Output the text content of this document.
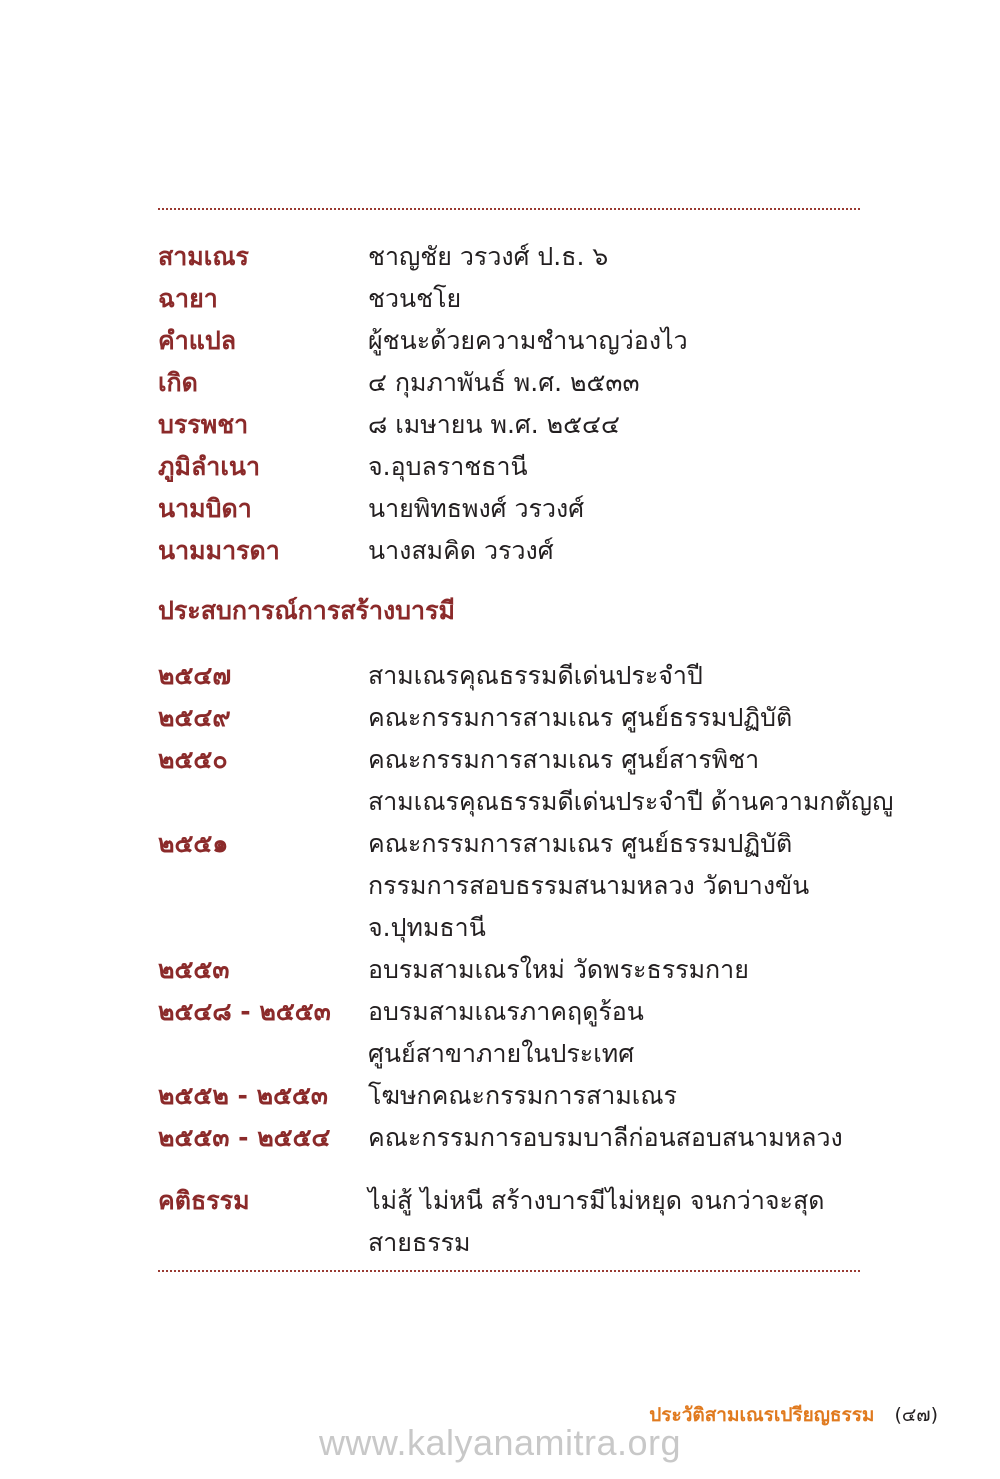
สามเณร	ชาญชัย วรวงศ์ ป.ธ. ๖
ฉายา	ชวนชโย
คำแปล	ผู้ชนะด้วยความชำนาญว่องไว
เกิด	๔ กุมภาพันธ์ พ.ศ. ๒๕๓๓
บรรพชา	๘ เมษายน พ.ศ. ๒๕๔๔
ภูมิลำเนา	จ.อุบลราชธานี
นามบิดา	นายพิทธพงศ์ วรวงศ์
นามมารดา	นางสมคิด วรวงศ์
ประสบการณ์การสร้างบารมี
๒๕๔๗	สามเณรคุณธรรมดีเด่นประจำปี
๒๕๔๙	คณะกรรมการสามเณร ศูนย์ธรรมปฏิบัติ
๒๕๕๐	คณะกรรมการสามเณร ศูนย์สารพิชา
สามเณรคุณธรรมดีเด่นประจำปี ด้านความกตัญญู
๒๕๕๑	คณะกรรมการสามเณร ศูนย์ธรรมปฏิบัติ
กรรมการสอบธรรมสนามหลวง วัดบางขัน
จ.ปุทมธานี
๒๕๕๓	อบรมสามเณรใหม่ วัดพระธรรมกาย
๒๕๔๘ - ๒๕๕๓ อบรมสามเณรภาคฤดูร้อน
ศูนย์สาขาภายในประเทศ
๒๕๕๒ - ๒๕๕๓ โฆษกคณะกรรมการสามเณร
๒๕๕๓ - ๒๕๕๔ คณะกรรมการอบรมบาลีก่อนสอบสนามหลวง
คติธรรม	ไม่สู้ ไม่หนี สร้างบารมีไม่หยุด จนกว่าจะสุด
สายธรรม
ประวัติสามเณรเปรียญธรรม (๔๗)
www.kalyanamitra.org
